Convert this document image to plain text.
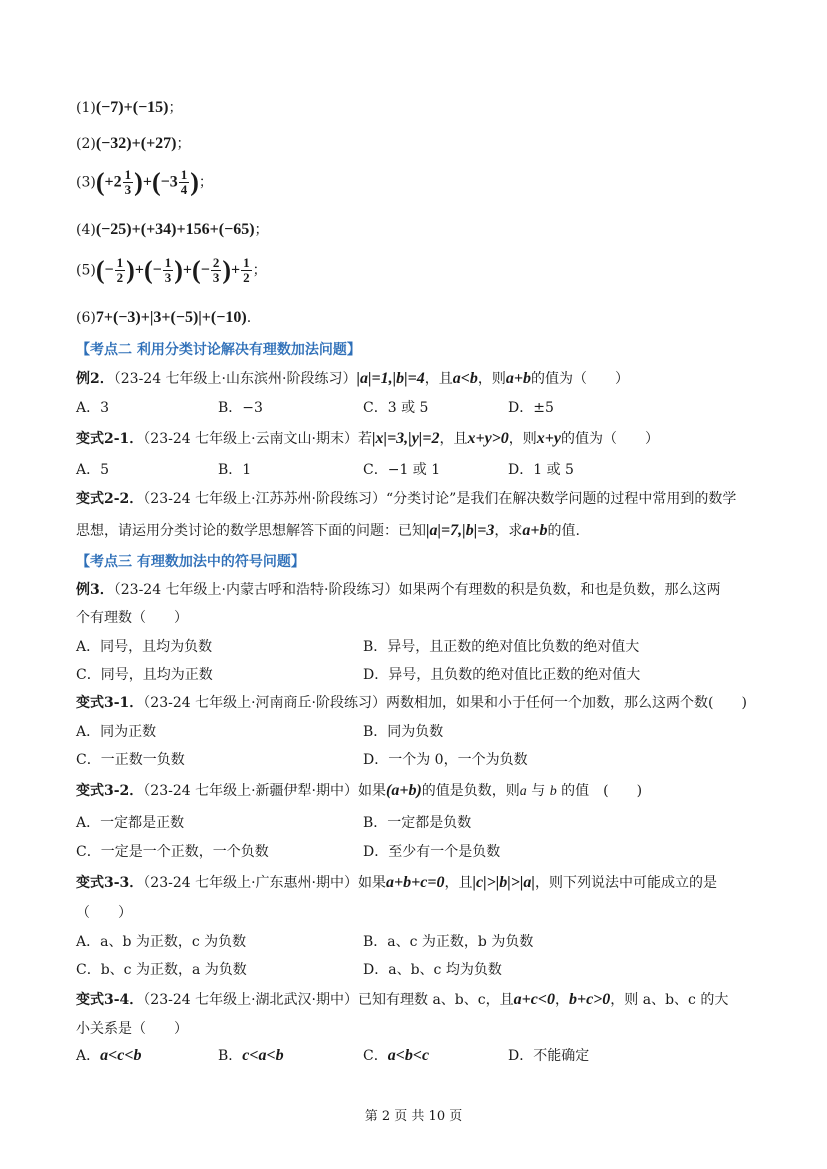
(1)(−7)+(−15)；
(2)(−32)+(+27)；
$(3)(+2 \frac{1}{3} )+(-3 \frac{1}{4}$ )；
(4)(−25)+(+34)+156+(−65)；
$(5)(- \frac{1}{2}$ )+(− $\frac{1}{3}$ )+(− $\frac{2}{3}$ )+ $\frac{1}{2}$ ；
(6)7+(−3)+|3+(−5)|+(−10).
【考点二 利用分类讨论解决有理数加法问题】
例2．（23-24 七年级上·山东滨州·阶段练习）|a|=1,|b|=4，且a<b，则a+b的值为（　　）
A．3	B．−3	C．3 或 5	D．±5
变式2-1．（23-24 七年级上·云南文山·期末）若|x|=3,|y|=2，且x+y>0，则x+y的值为（　　）
A．5	B．1	C．−1 或 1	D．1 或 5
变式2-2．（23-24 七年级上·江苏苏州·阶段练习）“分类讨论”是我们在解决数学问题的过程中常用到的数学
思想，请运用分类讨论的数学思想解答下面的问题：已知|a|=7,|b|=3，求a+b的值.
【考点三 有理数加法中的符号问题】
例3．（23-24 七年级上·内蒙古呼和浩特·阶段练习）如果两个有理数的积是负数，和也是负数，那么这两
个有理数（　　）
A．同号，且均为负数	B．异号，且正数的绝对值比负数的绝对值大
C．同号，且均为正数	D．异号，且负数的绝对值比正数的绝对值大
变式3-1．（23-24 七年级上·河南商丘·阶段练习）两数相加，如果和小于任何一个加数，那么这两个数(　　)
A．同为正数	B．同为负数
C．一正数一负数	D．一个为 0，一个为负数
变式3-2．（23-24 七年级上·新疆伊犁·期中）如果(a+b)的值是负数，则a 与 b 的值　(　　)
A．一定都是正数	B．一定都是负数
C．一定是一个正数，一个负数	D．至少有一个是负数
变式3-3．（23-24 七年级上·广东惠州·期中）如果a+b+c=0，且|c|>|b|>|a|，则下列说法中可能成立的是
（　　）
A．a、b 为正数，c 为负数	B．a、c 为正数，b 为负数
C．b、c 为正数，a 为负数	D．a、b、c 均为负数
变式3-4．（23-24 七年级上·湖北武汉·期中）已知有理数 a、b、c，且a+c<0，b+c>0，则 a、b、c 的大
小关系是（　　）
A．a<c<b	B．c<a<b	C．a<b<c	D．不能确定
第 2 页 共 10 页
